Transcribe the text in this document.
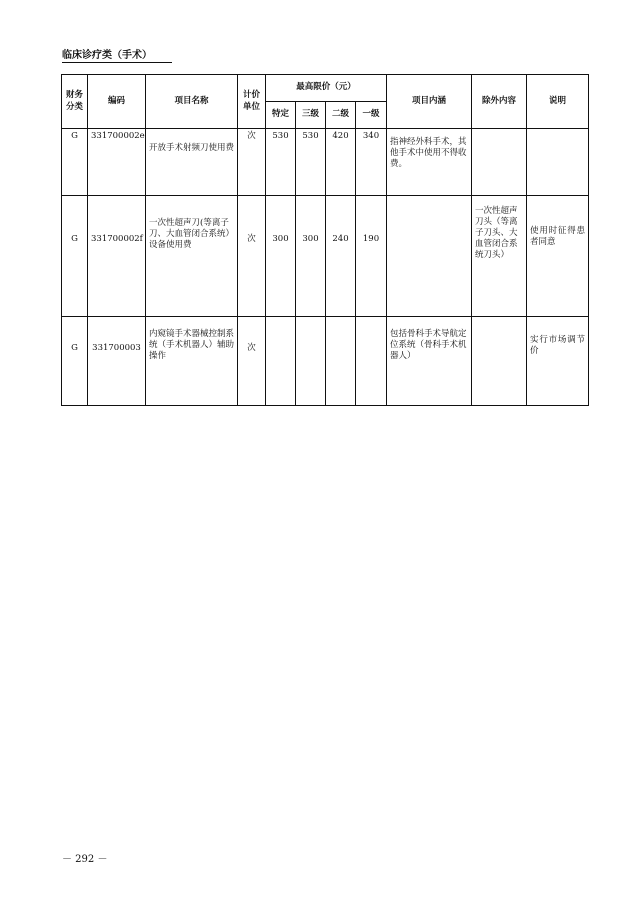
临床诊疗类（手术）
财务分类	编码	项目名称	计价单位	最高限价（元）				项目内涵	除外内容	说明
				特定	三级	二级	一级			
G	331700002e	开放手术射频刀使用费	次	530	530	420	340	指神经外科手术，其他手术中使用不得收费。		
G	331700002f	一次性超声刀(等离子刀、大血管闭合系统）设备使用费	次	300	300	240	190		一次性超声刀头（等离子刀头、大血管闭合系统刀头）	使用时征得患者同意
G	331700003	内窥镜手术器械控制系统（手术机器人）辅助操作	次					包括骨科手术导航定位系统（骨科手术机器人）		实行市场调节价
－ 292 －
